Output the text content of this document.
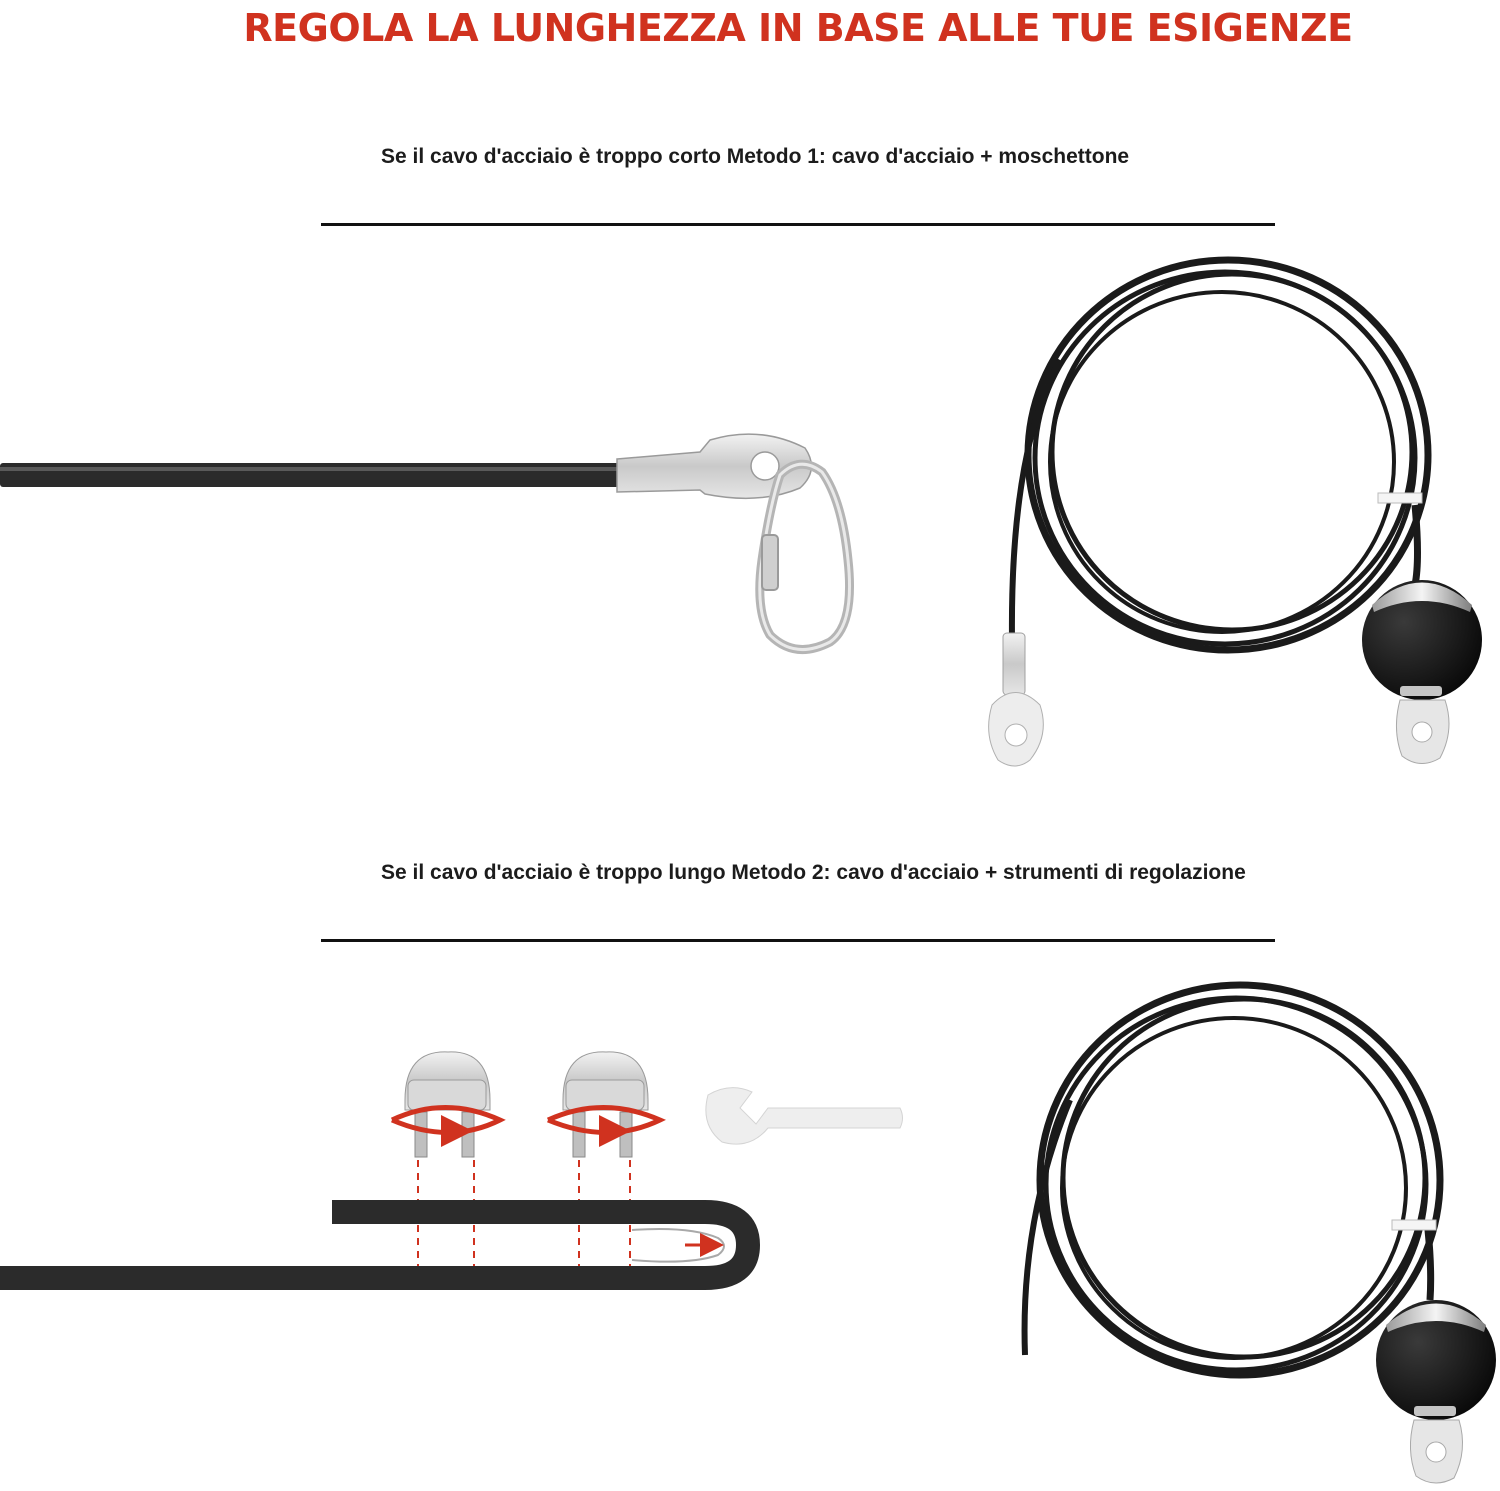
REGOLA LA LUNGHEZZA IN BASE ALLE TUE ESIGENZE
Se il cavo d'acciaio è troppo corto Metodo 1: cavo d'acciaio + moschettone
Se il cavo d'acciaio è troppo lungo Metodo 2: cavo d'acciaio + strumenti di regolazione
